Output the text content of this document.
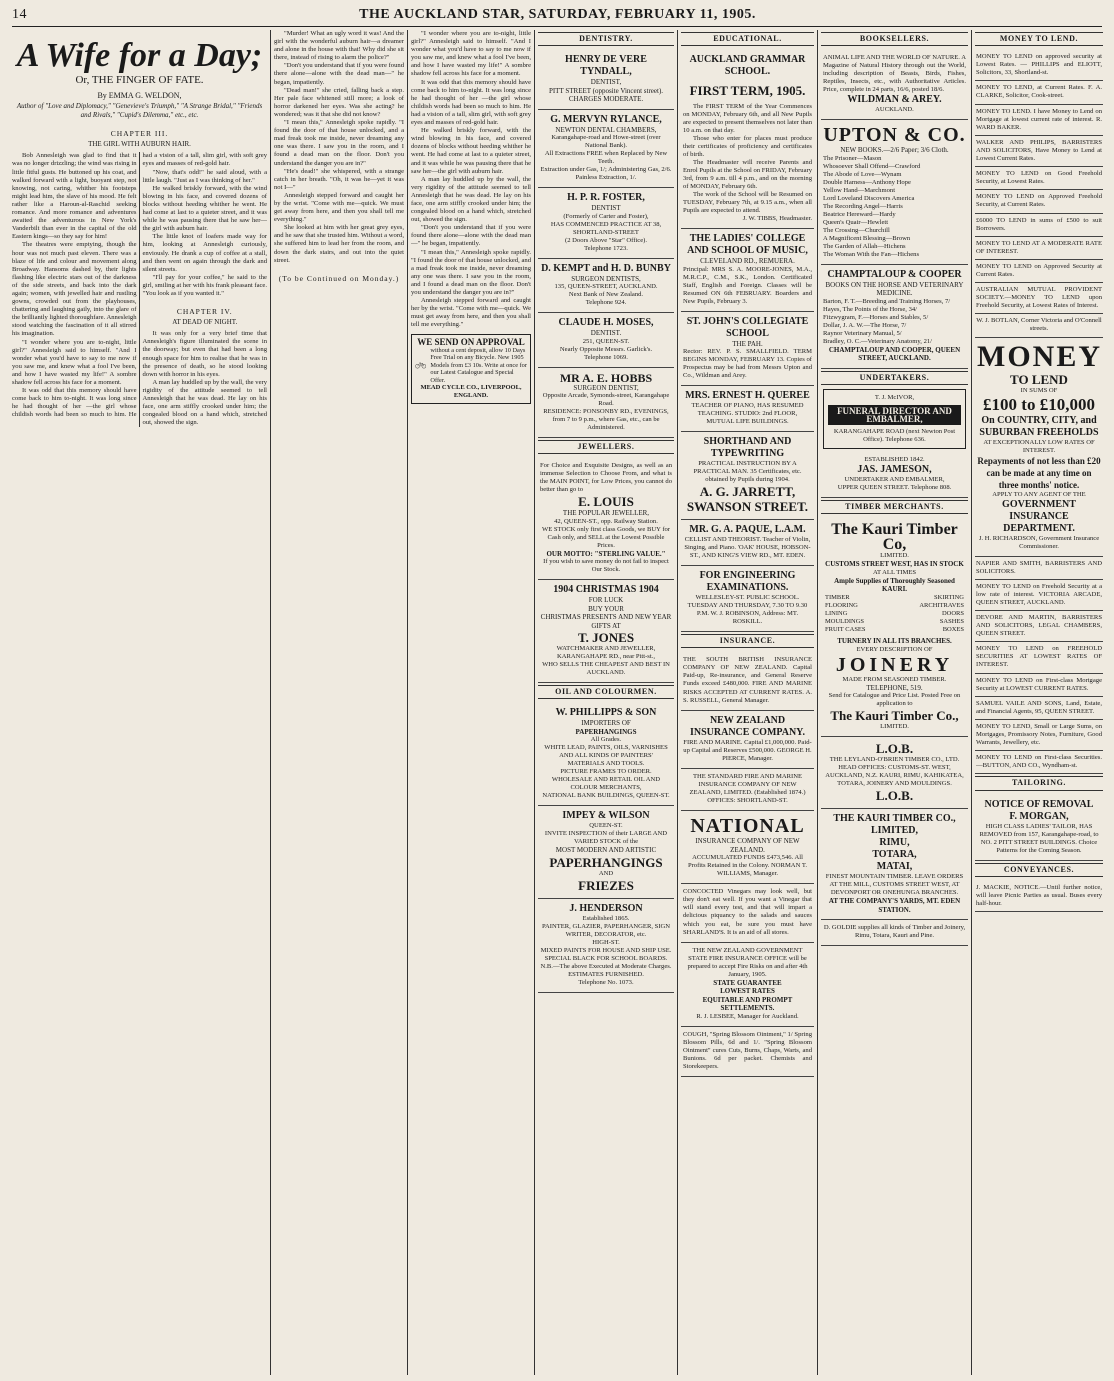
14	THE AUCKLAND STAR, SATURDAY, FEBRUARY 11, 1905.
A Wife for a Day;
Or, THE FINGER OF FATE.
By EMMA G. WELDON,
Author of "Love and Diplomacy," "Genevieve's Triumph," "A Strange Bridal," "Friends and Rivals," "Cupid's Dilemma," etc., etc.
CHAPTER III.
THE GIRL WITH AUBURN HAIR.

Bob Annesleigh was glad to find that it was no longer drizzling; the wind was rising in little fitful gusts. He buttoned up his coat, and walked forward with a light, buoyant step, not knowing, not caring, whither his footsteps might lead him, the slave of his mood. He felt rather like a Haroun-al-Raschid seeking romance. And more romance and adventures awaited the adventurous in New York's Vanderbilt than ever in the capital of the old Eastern kings—so they say for him!

The theatres were emptying, though the hour was not much past eleven. There was a blaze of life and colour and movement along Broadway. Hansoms dashed by, their lights flashing like electric stars out of the darkness of the side streets, and back into the dark again; women, with jewelled hair and rustling gowns, crowded out from the playhouses, chattering and laughing gaily, into the glare of the brilliantly lighted thoroughfare. Annesleigh stood watching the fascination of it all stirred his imagination.

"I wonder where you are to-night, little girl?" Annesleigh said to himself. "And I wonder what you'd have to say to me now if you saw me, and knew what a fool I've been, and how I have wasted my life!" A sombre shadow fell across his face for a moment.

It was odd that this memory should have come back to him to-night. It was long since he had thought of her —the girl whose childish words had been so much to him. He had a vision of a tall, slim girl, with soft grey eyes and masses of red-gold hair.

"Now, that's odd!" he said aloud, with a little laugh. "Just as I was thinking of her."

He walked briskly forward, with the wind blowing in his face, and covered dozens of blocks without heeding whither he went. He had come at last to a quieter street, and it was while he was pausing there that he saw her—the girl with auburn hair.

The little knot of loafers made way for him, looking at Annesleigh curiously, enviously. He drank a cup of coffee at a stall, and then went on again through the dark and silent streets.

"I'll pay for your coffee," he said to the girl, smiling at her with his frank pleasant face. "You look as if you wanted it."

CHAPTER IV.
AT DEAD OF NIGHT.

It was only for a very brief time that Annesleigh's figure illuminated the scene in the doorway; but even that had been a long enough space for him to realise that he was in the presence of death, so he stood looking down with horror in his eyes.

A man lay huddled up by the wall, the very rigidity of the attitude seemed to tell Annesleigh that he was dead. He lay on his face, one arm stiffly crooked under him; the congealed blood on a hand which, stretched out, showed the sign.

"Murder! What an ugly word it was! And the girl with the wonderful auburn hair—a dreamer and alone in the house with that! Why did she sit there, instead of rising to alarm the police?"

"Don't you understand that if you were found there alone—alone with the dead man—" he began, impatiently.

"Dead man!" she cried, falling back a step. Her pale face whitened still more; a look of horror darkened her eyes. Was she acting? he wondered; was it that she did not know?

"I mean this," Annesleigh spoke rapidly. "I found the door of that house unlocked, and a mad freak took me inside, never dreaming any one was there. I saw you in the room, and I found a dead man on the floor. Don't you understand the danger you are in?"

"He's dead!" she whispered, with a strange catch in her breath. "Oh, it was he—yet it was not I—"

Annesleigh stepped forward and caught her by the wrist. "Come with me—quick. We must get away from here, and then you shall tell me everything."

She looked at him with her great grey eyes, and he saw that she trusted him. Without a word, she suffered him to lead her from the room, and down the dark stairs, and out into the quiet street.

(To be Continued on Monday.)

"I wonder where you are to-night, little girl?" Annesleigh said to himself. "And I wonder what you'd have to say to me now if you saw me, and knew what a fool I've been, and how I have wasted my life!" A sombre shadow fell across his face for a moment.

It was odd that this memory should have come back to him to-night. It was long since he had thought of her —the girl whose childish words had been so much to him. He had a vision of a tall, slim girl, with soft grey eyes and masses of red-gold hair.

He walked briskly forward, with the wind blowing in his face, and covered dozens of blocks without heeding whither he went. He had come at last to a quieter street, and it was while he was pausing there that he saw her—the girl with auburn hair.

A man lay huddled up by the wall, the very rigidity of the attitude seemed to tell Annesleigh that he was dead. He lay on his face, one arm stiffly crooked under him; the congealed blood on a hand which, stretched out, showed the sign.

"Don't you understand that if you were found there alone—alone with the dead man—" he began, impatiently.

"I mean this," Annesleigh spoke rapidly. "I found the door of that house unlocked, and a mad freak took me inside, never dreaming any one was there. I saw you in the room, and I found a dead man on the floor. Don't you understand the danger you are in?"

Annesleigh stepped forward and caught her by the wrist. "Come with me—quick. We must get away from here, and then you shall tell me everything."

WE SEND ON APPROVAL
without a cent deposit, allow 10 Days Free Trial on any Bicycle. New 1905 Models from £3 10s. Write at once for our Latest Catalogue and Special Offer.
MEAD CYCLE CO., LIVERPOOL, ENGLAND.
DENTISTRY.
HENRY DE VERE TYNDALL,
DENTIST,
PITT STREET (opposite Vincent street).
CHARGES MODERATE.
G. MERVYN RYLANCE,
NEWTON DENTAL CHAMBERS,
Karangahape-road and Howe-street (over National Bank).
All Extractions FREE when Replaced by New Teeth.
Extraction under Gas, 1/; Administering Gas, 2/6.
Painless Extraction, 1/.
H. P. R. FOSTER,
DENTIST
(Formerly of Carter and Foster),
HAS COMMENCED PRACTICE AT 38, SHORTLAND-STREET
(2 Doors Above "Star" Office).
Telephone 1723.
D. KEMPT and H. D. BUNBY
SURGEON DENTISTS,
135, QUEEN-STREET, AUCKLAND.
Next Bank of New Zealand.
Telephone 924.
CLAUDE H. MOSES,
DENTIST.
251, QUEEN-ST.
Nearly Opposite Messrs. Garlick's.
Telephone 1069.
MR A. E. HOBBS
SURGEON DENTIST,
Opposite Arcade, Symonds-street, Karangahape Road.
RESIDENCE: PONSONBY RD., EVENINGS, from 7 to 9 p.m., where Gas, etc., can be Administered.
JEWELLERS.
For Choice and Exquisite Designs, as well as an immense Selection to Choose From, and what is the MAIN POINT, for Low Prices, you cannot do better than go to
E. LOUIS
THE POPULAR JEWELLER,
42, QUEEN-ST., opp. Railway Station.
WE STOCK only first class Goods, we BUY for Cash only, and SELL at the Lowest Possible Prices.
OUR MOTTO: "STERLING VALUE."
If you wish to save money do not fail to inspect Our Stock.
1904 CHRISTMAS 1904
FOR LUCK
BUY YOUR
CHRISTMAS PRESENTS AND NEW YEAR GIFTS AT
T. JONES
WATCHMAKER AND JEWELLER,
KARANGAHAPE RD., near Pitt-st.,
WHO SELLS THE CHEAPEST AND BEST IN AUCKLAND.
OIL AND COLOURMEN.
W. PHILLIPPS & SON
IMPORTERS OF
PAPERHANGINGS
All Grades.
WHITE LEAD, PAINTS, OILS, VARNISHES AND ALL KINDS OF PAINTERS' MATERIALS AND TOOLS.
PICTURE FRAMES TO ORDER.
WHOLESALE AND RETAIL OIL AND COLOUR MERCHANTS,
NATIONAL BANK BUILDINGS, QUEEN-ST.
IMPEY & WILSON
QUEEN-ST.
INVITE INSPECTION of their LARGE AND VARIED STOCK of the
MOST MODERN AND ARTISTIC
PAPERHANGINGS
AND
FRIEZES
J. HENDERSON
Established 1865.
PAINTER, GLAZIER, PAPERHANGER, SIGN WRITER, DECORATOR, etc.
HIGH-ST.
MIXED PAINTS FOR HOUSE AND SHIP USE.
SPECIAL BLACK FOR SCHOOL BOARDS.
N.B.—The above Executed at Moderate Charges.
ESTIMATES FURNISHED.
Telephone No. 1073.
EDUCATIONAL.
AUCKLAND GRAMMAR SCHOOL.
FIRST TERM, 1905.

The FIRST TERM of the Year Commences on MONDAY, February 6th, and all New Pupils are expected to present themselves not later than 10 a.m. on that day.

Those who enter for places must produce their certificates of proficiency and certificates of birth.

The Headmaster will receive Parents and Enrol Pupils at the School on FRIDAY, February 3rd, from 9 a.m. till 4 p.m., and on the morning of MONDAY, February 6th.

The work of the School will be Resumed on TUESDAY, February 7th, at 9.15 a.m., when all Pupils are expected to attend.

J. W. TIBBS, Headmaster.
THE LADIES' COLLEGE AND SCHOOL OF MUSIC,
CLEVELAND RD., REMUERA.
Principal: MRS S. A. MOORE-JONES, M.A., M.R.C.P., C.M., S.K., London. Certificated Staff, English and Foreign. Classes will be Resumed ON 6th FEBRUARY. Boarders and New Pupils, February 3.
ST. JOHN'S COLLEGIATE SCHOOL
THE PAH.
Rector: REV. P. S. SMALLFIELD. TERM BEGINS MONDAY, FEBRUARY 13. Copies of Prospectus may be had from Messrs Upton and Co., Wildman and Arey.
MRS. ERNEST H. QUEREE
TEACHER OF PIANO, HAS RESUMED TEACHING. STUDIO: 2nd FLOOR, MUTUAL LIFE BUILDINGS.
SHORTHAND AND TYPEWRITING
PRACTICAL INSTRUCTION BY A PRACTICAL MAN. 35 Certificates, etc. obtained by Pupils during 1904.
A. G. JARRETT, SWANSON STREET.
MR. G. A. PAQUE, L.A.M.
CELLIST AND THEORIST. Teacher of Violin, Singing, and Piano. 'OAK' HOUSE, HOBSON-ST., AND KING'S VIEW RD., MT. EDEN.
FOR ENGINEERING EXAMINATIONS.
WELLESLEY-ST. PUBLIC SCHOOL. TUESDAY AND THURSDAY, 7.30 TO 9.30 P.M. W. J. ROBINSON, Address: MT. ROSKILL.
INSURANCE.
THE SOUTH BRITISH INSURANCE COMPANY OF NEW ZEALAND. Capital Paid-up, Re-insurance, and General Reserve Funds exceed £480,000. FIRE AND MARINE RISKS ACCEPTED AT CURRENT RATES. A. S. RUSSELL, General Manager.
NEW ZEALAND INSURANCE COMPANY.
FIRE AND MARINE. Capital £1,000,000. Paid-up Capital and Reserves £500,000. GEORGE H. PIERCE, Manager.
THE STANDARD FIRE AND MARINE INSURANCE COMPANY OF NEW ZEALAND, LIMITED. (Established 1874.) OFFICES: SHORTLAND-ST.
NATIONAL
INSURANCE COMPANY OF NEW ZEALAND.
ACCUMULATED FUNDS £473,546. All Profits Retained in the Colony. NORMAN T. WILLIAMS, Manager.
CONCOCTED Vinegars may look well, but they don't eat well. If you want a Vinegar that will stand every test, and that will impart a delicious piquancy to the salads and sauces which you eat, be sure you must have SHARLAND'S. It is an aid of all stores.
THE NEW ZEALAND GOVERNMENT STATE FIRE INSURANCE OFFICE will be prepared to accept Fire Risks on and after 4th January, 1905.
STATE GUARANTEE
LOWEST RATES
EQUITABLE AND PROMPT SETTLEMENTS.
R. J. LESBEE, Manager for Auckland.
COUGH, "Spring Blossom Ointment," 1/ Spring Blossom Pills, 6d and 1/. "Spring Blossom Ointment" cures Cuts, Burns, Chaps, Warts, and Bunions. 6d per packet. Chemists and Storekeepers.
BOOKSELLERS.
ANIMAL LIFE AND THE WORLD OF NATURE. A Magazine of Natural History through out the World, including description of Beasts, Birds, Fishes, Reptiles, Insects, etc., with Authoritative Articles. Price, complete in 24 parts, 16/6, posted 18/6.
WILDMAN & AREY.
AUCKLAND.
UPTON & CO.
NEW BOOKS.—2/6 Paper; 3/6 Cloth.
The Prisoner—Mason
Whosoever Shall Offend—Crawford
The Abode of Love—Wynam
Double Harness—Anthony Hope
Yellow Hand—Marchmont
Lord Loveland Discovers America
The Recording Angel—Harris
Beatrice Hereward—Hardy
Queen's Quair—Hewlett
The Crossing—Churchill
A Magnificent Blessing—Brown
The Garden of Allah—Hichens
The Woman With the Fan—Hichens
CHAMPTALOUP & COOPER
BOOKS ON THE HORSE AND VETERINARY MEDICINE.
Barton, F. T.—Breeding and Training Horses, 7/
Hayes, The Points of the Horse, 34/
Fitzwygram, F.—Horses and Stables, 5/
Dollar, J. A. W.—The Horse, 7/
Raynor Veterinary Manual, 5/
Bradley, O. C.—Veterinary Anatomy, 21/
CHAMPTALOUP AND COOPER, QUEEN STREET, AUCKLAND.
UNDERTAKERS.
T. J. McIVOR,
FUNERAL DIRECTOR AND EMBALMER,
KARANGAHAPE ROAD (next Newton Post Office). Telephone 636.
ESTABLISHED 1842.
JAS. JAMESON,
UNDERTAKER AND EMBALMER,
UPPER QUEEN STREET. Telephone 808.
TIMBER MERCHANTS.
The Kauri Timber Co,
LIMITED.
CUSTOMS STREET WEST, HAS IN STOCK
AT ALL TIMES
Ample Supplies of Thoroughly Seasoned KAURI.
TIMBER	SKIRTING
FLOORING	ARCHITRAVES
LINING	DOORS
MOULDINGS	SASHES
FRUIT CASES	BOXES
TURNERY IN ALL ITS BRANCHES.
EVERY DESCRIPTION OF
JOINERY
MADE FROM SEASONED TIMBER.
TELEPHONE, 519.
Send for Catalogue and Price List. Posted Free on application to
The Kauri Timber Co.,
LIMITED.
L.O.B.
THE LEYLAND-O'BRIEN TIMBER CO., LTD. HEAD OFFICES: CUSTOMS-ST. WEST, AUCKLAND, N.Z. KAURI, RIMU, KAHIKATEA, TOTARA, JOINERY AND MOULDINGS.
L.O.B.
THE KAURI TIMBER CO., LIMITED,
RIMU,
TOTARA,
MATAI,
FINEST MOUNTAIN TIMBER. LEAVE ORDERS AT THE MILL, CUSTOMS STREET WEST, AT DEVONPORT OR ONEHUNGA BRANCHES.
AT THE COMPANY'S YARDS, MT. EDEN STATION.
D. GOLDIE supplies all kinds of Timber and Joinery, Rimu, Totara, Kauri and Pine.
MONEY TO LEND.
MONEY TO LEND on approved security at Lowest Rates. — PHILLIPS and ELIOTT, Solicitors, 33, Shortland-st.
MONEY TO LEND, at Current Rates. F. A. CLARKE, Solicitor, Cook-street.
MONEY TO LEND. I have Money to Lend on Mortgage at lowest current rate of interest. R. WARD BAKER.
WALKER AND PHILIPS, BARRISTERS AND SOLICITORS, Have Money to Lend at Lowest Current Rates.
MONEY TO LEND on Good Freehold Security, at Lowest Rates.
MONEY TO LEND on Approved Freehold Security, at Current Rates.
£6000 TO LEND in sums of £500 to suit Borrowers.
MONEY TO LEND AT A MODERATE RATE OF INTEREST.
MONEY TO LEND on Approved Security at Current Rates.
AUSTRALIAN MUTUAL PROVIDENT SOCIETY.—MONEY TO LEND upon Freehold Security, at Lowest Rates of Interest.
W. J. BOTLAN, Corner Victoria and O'Connell streets.
MONEY
TO LEND
IN SUMS OF
£100 to £10,000
On COUNTRY, CITY, and SUBURBAN FREEHOLDS
AT EXCEPTIONALLY LOW RATES OF INTEREST.
Repayments of not less than £20 can be made at any time on three months' notice.
APPLY TO ANY AGENT OF THE
GOVERNMENT INSURANCE DEPARTMENT.
J. H. RICHARDSON, Government Insurance Commissioner.
NAPIER AND SMITH, BARRISTERS AND SOLICITORS.
MONEY TO LEND on Freehold Security at a low rate of interest. VICTORIA ARCADE, QUEEN STREET, AUCKLAND.
DEVORE AND MARTIN, BARRISTERS AND SOLICITORS, LEGAL CHAMBERS, QUEEN STREET.
MONEY TO LEND on FREEHOLD SECURITIES AT LOWEST RATES OF INTEREST.
MONEY TO LEND on First-class Mortgage Security at LOWEST CURRENT RATES.
SAMUEL VAILE AND SONS, Land, Estate, and Financial Agents, 95, QUEEN STREET.
MONEY TO LEND, Small or Large Sums, on Mortgages, Promissory Notes, Furniture, Good Warrants, Jewellery, etc.
MONEY TO LEND on First-class Securities.—BUTTON, AND CO., Wyndham-st.
TAILORING.
NOTICE OF REMOVAL
F. MORGAN,
HIGH CLASS LADIES' TAILOR, HAS REMOVED from 157, Karangahape-road, to NO. 2 PITT STREET BUILDINGS. Choice Patterns for the Coming Season.
CONVEYANCES.
J. MACKIE, NOTICE.—Until further notice, will leave Picnic Parties as usual. Buses every half-hour.
